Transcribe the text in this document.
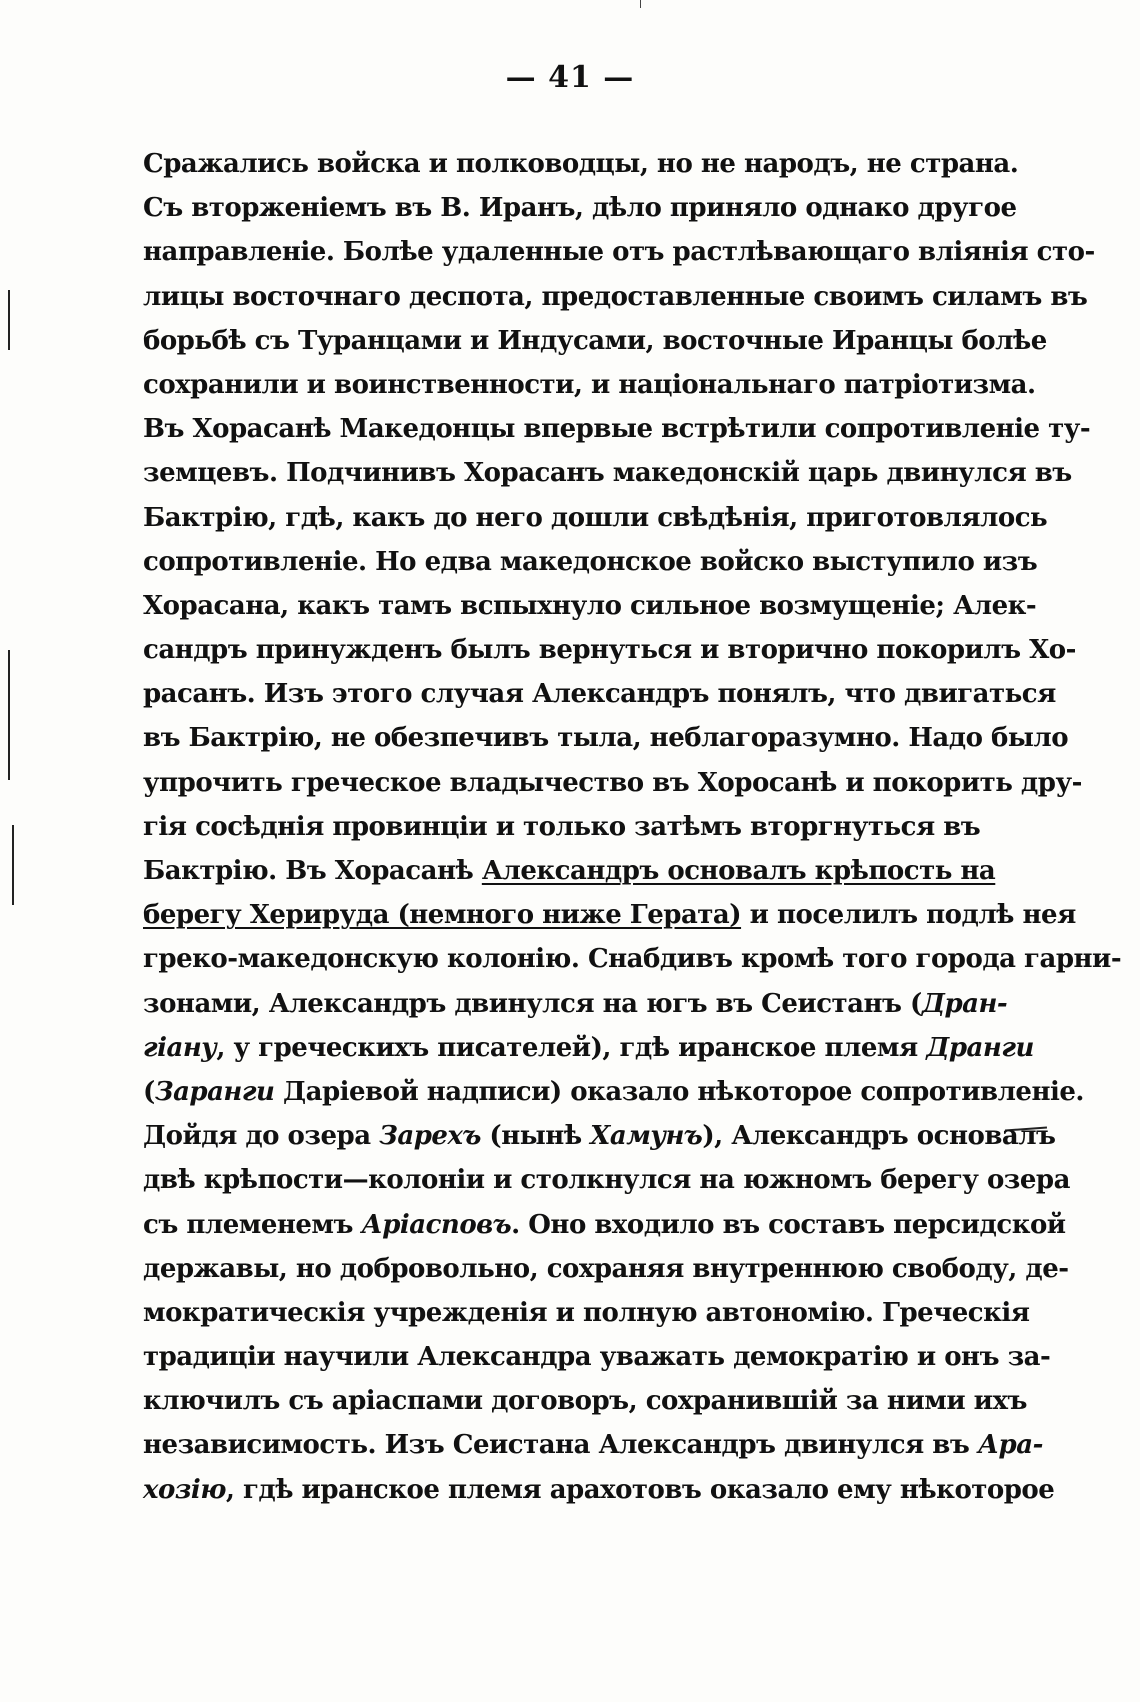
— 41 —
Сражались войска и полководцы, но не народъ, не страна.
Съ вторженіемъ въ В. Иранъ, дѣло приняло однако другое
направленіе. Болѣе удаленные отъ растлѣвающаго вліянія сто-
лицы восточнаго деспота, предоставленные своимъ силамъ въ
борьбѣ съ Туранцами и Индусами, восточные Иранцы болѣе
сохранили и воинственности, и національнаго патріотизма.
Въ Хорасанѣ Македонцы впервые встрѣтили сопротивленіе ту-
земцевъ. Подчинивъ Хорасанъ македонскій царь двинулся въ
Бактрію, гдѣ, какъ до него дошли свѣдѣнія, приготовлялось
сопротивленіе. Но едва македонское войско выступило изъ
Хорасана, какъ тамъ вспыхнуло сильное возмущеніе; Алек-
сандръ принужденъ былъ вернуться и вторично покорилъ Хо-
расанъ. Изъ этого случая Александръ понялъ, что двигаться
въ Бактрію, не обезпечивъ тыла, неблагоразумно. Надо было
упрочить греческое владычество въ Хоросанѣ и покорить дру-
гія сосѣднія провинціи и только затѣмъ вторгнуться въ
Бактрію. Въ Хорасанѣ Александръ основалъ крѣпость на
берегу Херируда (немного ниже Герата) и поселилъ подлѣ нея
греко-македонскую колонію. Снабдивъ кромѣ того города гарни-
зонами, Александръ двинулся на югъ въ Сеистанъ (Дран-
гіану, у греческихъ писателей), гдѣ иранское племя Дранги
(Заранги Даріевой надписи) оказало нѣкоторое сопротивленіе.
Дойдя до озера Зарехъ (нынѣ Хамунъ), Александръ основалъ
двѣ крѣпости—колоніи и столкнулся на южномъ берегу озера
съ племенемъ Аріасповъ. Оно входило въ составъ персидской
державы, но добровольно, сохраняя внутреннюю свободу, де-
мократическія учрежденія и полную автономію. Греческія
традиціи научили Александра уважать демократію и онъ за-
ключилъ съ аріаспами договоръ, сохранившій за ними ихъ
независимость. Изъ Сеистана Александръ двинулся въ Ара-
хозію, гдѣ иранское племя арахотовъ оказало ему нѣкоторое
